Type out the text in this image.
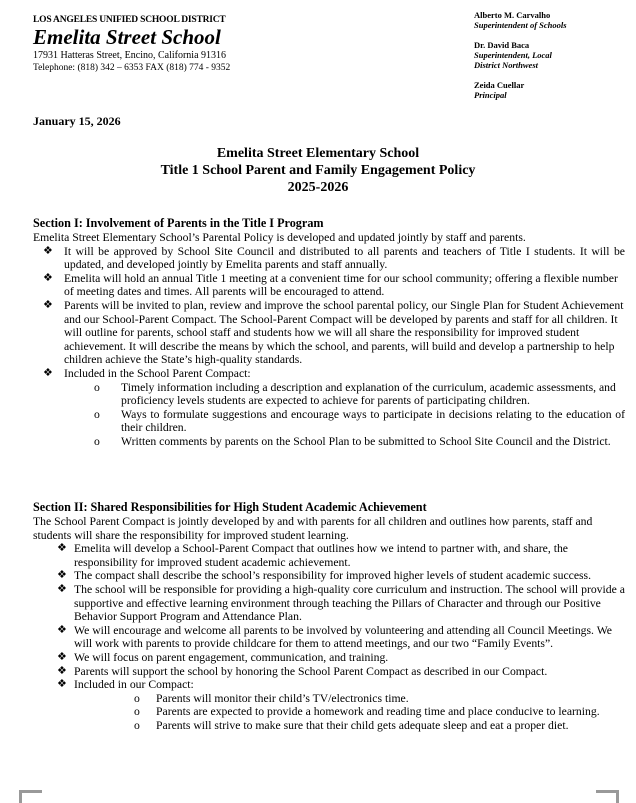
LOS ANGELES UNIFIED SCHOOL DISTRICT
Emelita Street School
17931 Hatteras Street, Encino, California 91316
Telephone: (818) 342 – 6353 FAX (818) 774 - 9352
Alberto M. Carvalho
Superintendent of Schools
Dr. David Baca
Superintendent, Local District Northwest
Zeida Cuellar
Principal
January 15, 2026
Emelita Street Elementary School
Title 1 School Parent and Family Engagement Policy
2025-2026
Section I: Involvement of Parents in the Title I Program

Emelita Street Elementary School’s Parental Policy is developed and updated jointly by staff and parents.

❖ It will be approved by School Site Council and distributed to all parents and teachers of Title I students. It will be updated, and developed jointly by Emelita parents and staff annually.
❖ Emelita will hold an annual Title 1 meeting at a convenient time for our school community; offering a flexible number of meeting dates and times. All parents will be encouraged to attend.
❖ Parents will be invited to plan, review and improve the school parental policy, our Single Plan for Student Achievement and our School-Parent Compact. The School-Parent Compact will be developed by parents and staff for all children. It will outline for parents, school staff and students how we will all share the responsibility for improved student achievement. It will describe the means by which the school, and parents, will build and develop a partnership to help children achieve the State’s high-quality standards.
❖ Included in the School Parent Compact:
o Timely information including a description and explanation of the curriculum, academic assessments, and proficiency levels students are expected to achieve for parents of participating children.
o Ways to formulate suggestions and encourage ways to participate in decisions relating to the education of their children.
o Written comments by parents on the School Plan to be submitted to School Site Council and the District.
Section II: Shared Responsibilities for High Student Academic Achievement

The School Parent Compact is jointly developed by and with parents for all children and outlines how parents, staff and students will share the responsibility for improved student learning.

❖ Emelita will develop a School-Parent Compact that outlines how we intend to partner with, and share, the responsibility for improved student academic achievement.
❖ The compact shall describe the school’s responsibility for improved higher levels of student academic success.
❖ The school will be responsible for providing a high-quality core curriculum and instruction. The school will provide a supportive and effective learning environment through teaching the Pillars of Character and through our Positive Behavior Support Program and Attendance Plan.
❖ We will encourage and welcome all parents to be involved by volunteering and attending all Council Meetings. We will work with parents to provide childcare for them to attend meetings, and our two “Family Events”.
❖ We will focus on parent engagement, communication, and training.
❖ Parents will support the school by honoring the School Parent Compact as described in our Compact.
❖ Included in our Compact:
o Parents will monitor their child’s TV/electronics time.
o Parents are expected to provide a homework and reading time and place conducive to learning.
o Parents will strive to make sure that their child gets adequate sleep and eat a proper diet.
